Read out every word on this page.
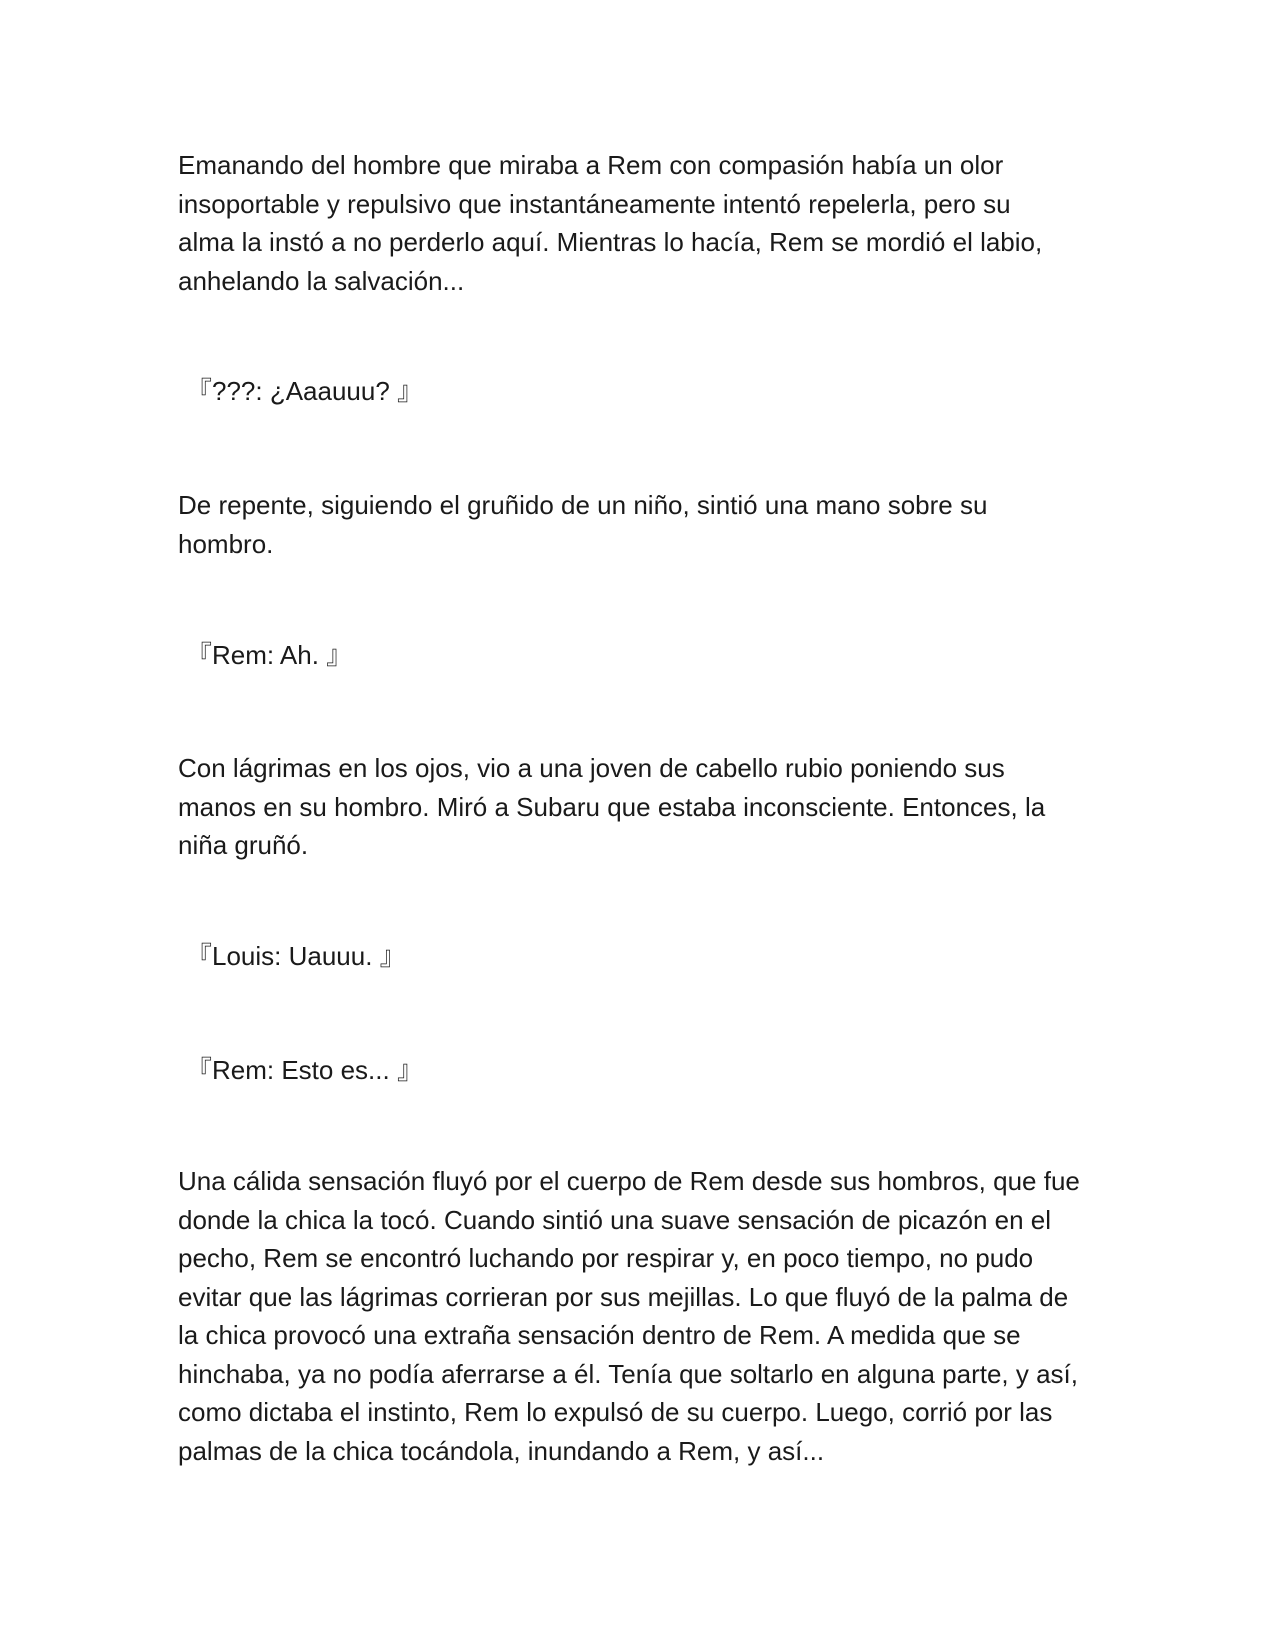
Emanando del hombre que miraba a Rem con compasión había un olor
insoportable y repulsivo que instantáneamente intentó repelerla, pero su
alma la instó a no perderlo aquí. Mientras lo hacía, Rem se mordió el labio,
anhelando la salvación...
『???: ¿Aaauuu? 』
De repente, siguiendo el gruñido de un niño, sintió una mano sobre su
hombro.
『Rem: Ah. 』
Con lágrimas en los ojos, vio a una joven de cabello rubio poniendo sus
manos en su hombro. Miró a Subaru que estaba inconsciente. Entonces, la
niña gruñó.
『Louis: Uauuu. 』
『Rem: Esto es... 』
Una cálida sensación fluyó por el cuerpo de Rem desde sus hombros, que fue
donde la chica la tocó. Cuando sintió una suave sensación de picazón en el
pecho, Rem se encontró luchando por respirar y, en poco tiempo, no pudo
evitar que las lágrimas corrieran por sus mejillas. Lo que fluyó de la palma de
la chica provocó una extraña sensación dentro de Rem. A medida que se
hinchaba, ya no podía aferrarse a él. Tenía que soltarlo en alguna parte, y así,
como dictaba el instinto, Rem lo expulsó de su cuerpo. Luego, corrió por las
palmas de la chica tocándola, inundando a Rem, y así...
